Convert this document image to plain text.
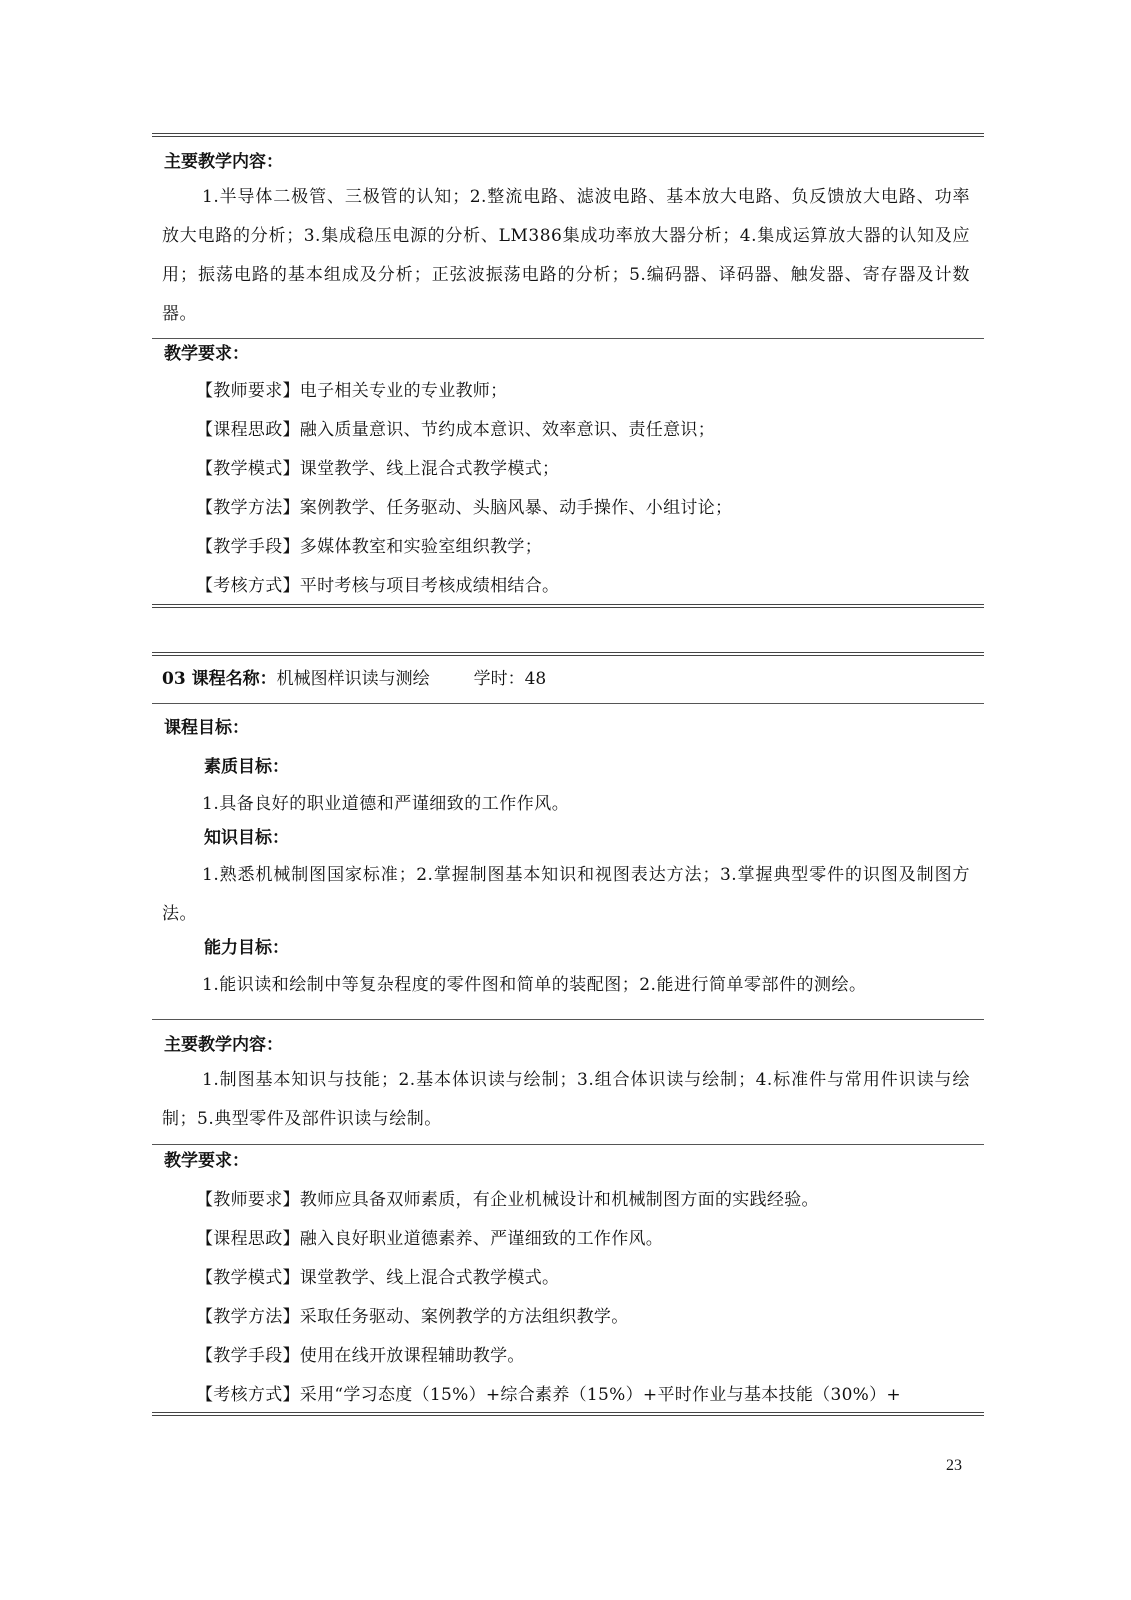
主要教学内容：
1.半导体二极管、三极管的认知；2.整流电路、滤波电路、基本放大电路、负反馈放大电路、功率放大电路的分析；3.集成稳压电源的分析、LM386集成功率放大器分析；4.集成运算放大器的认知及应用；振荡电路的基本组成及分析；正弦波振荡电路的分析；5.编码器、译码器、触发器、寄存器及计数器。
教学要求：
【教师要求】电子相关专业的专业教师；
【课程思政】融入质量意识、节约成本意识、效率意识、责任意识；
【教学模式】课堂教学、线上混合式教学模式；
【教学方法】案例教学、任务驱动、头脑风暴、动手操作、小组讨论；
【教学手段】多媒体教室和实验室组织教学；
【考核方式】平时考核与项目考核成绩相结合。
03 课程名称：机械图样识读与测绘	学时：48
课程目标：
素质目标：
1.具备良好的职业道德和严谨细致的工作作风。
知识目标：
1.熟悉机械制图国家标准；2.掌握制图基本知识和视图表达方法；3.掌握典型零件的识图及制图方法。
能力目标：
1.能识读和绘制中等复杂程度的零件图和简单的装配图；2.能进行简单零部件的测绘。
主要教学内容：
1.制图基本知识与技能；2.基本体识读与绘制；3.组合体识读与绘制；4.标准件与常用件识读与绘制；5.典型零件及部件识读与绘制。
教学要求：
【教师要求】教师应具备双师素质，有企业机械设计和机械制图方面的实践经验。
【课程思政】融入良好职业道德素养、严谨细致的工作作风。
【教学模式】课堂教学、线上混合式教学模式。
【教学方法】采取任务驱动、案例教学的方法组织教学。
【教学手段】使用在线开放课程辅助教学。
【考核方式】采用“学习态度（15%）+综合素养（15%）+平时作业与基本技能（30%）+
23
